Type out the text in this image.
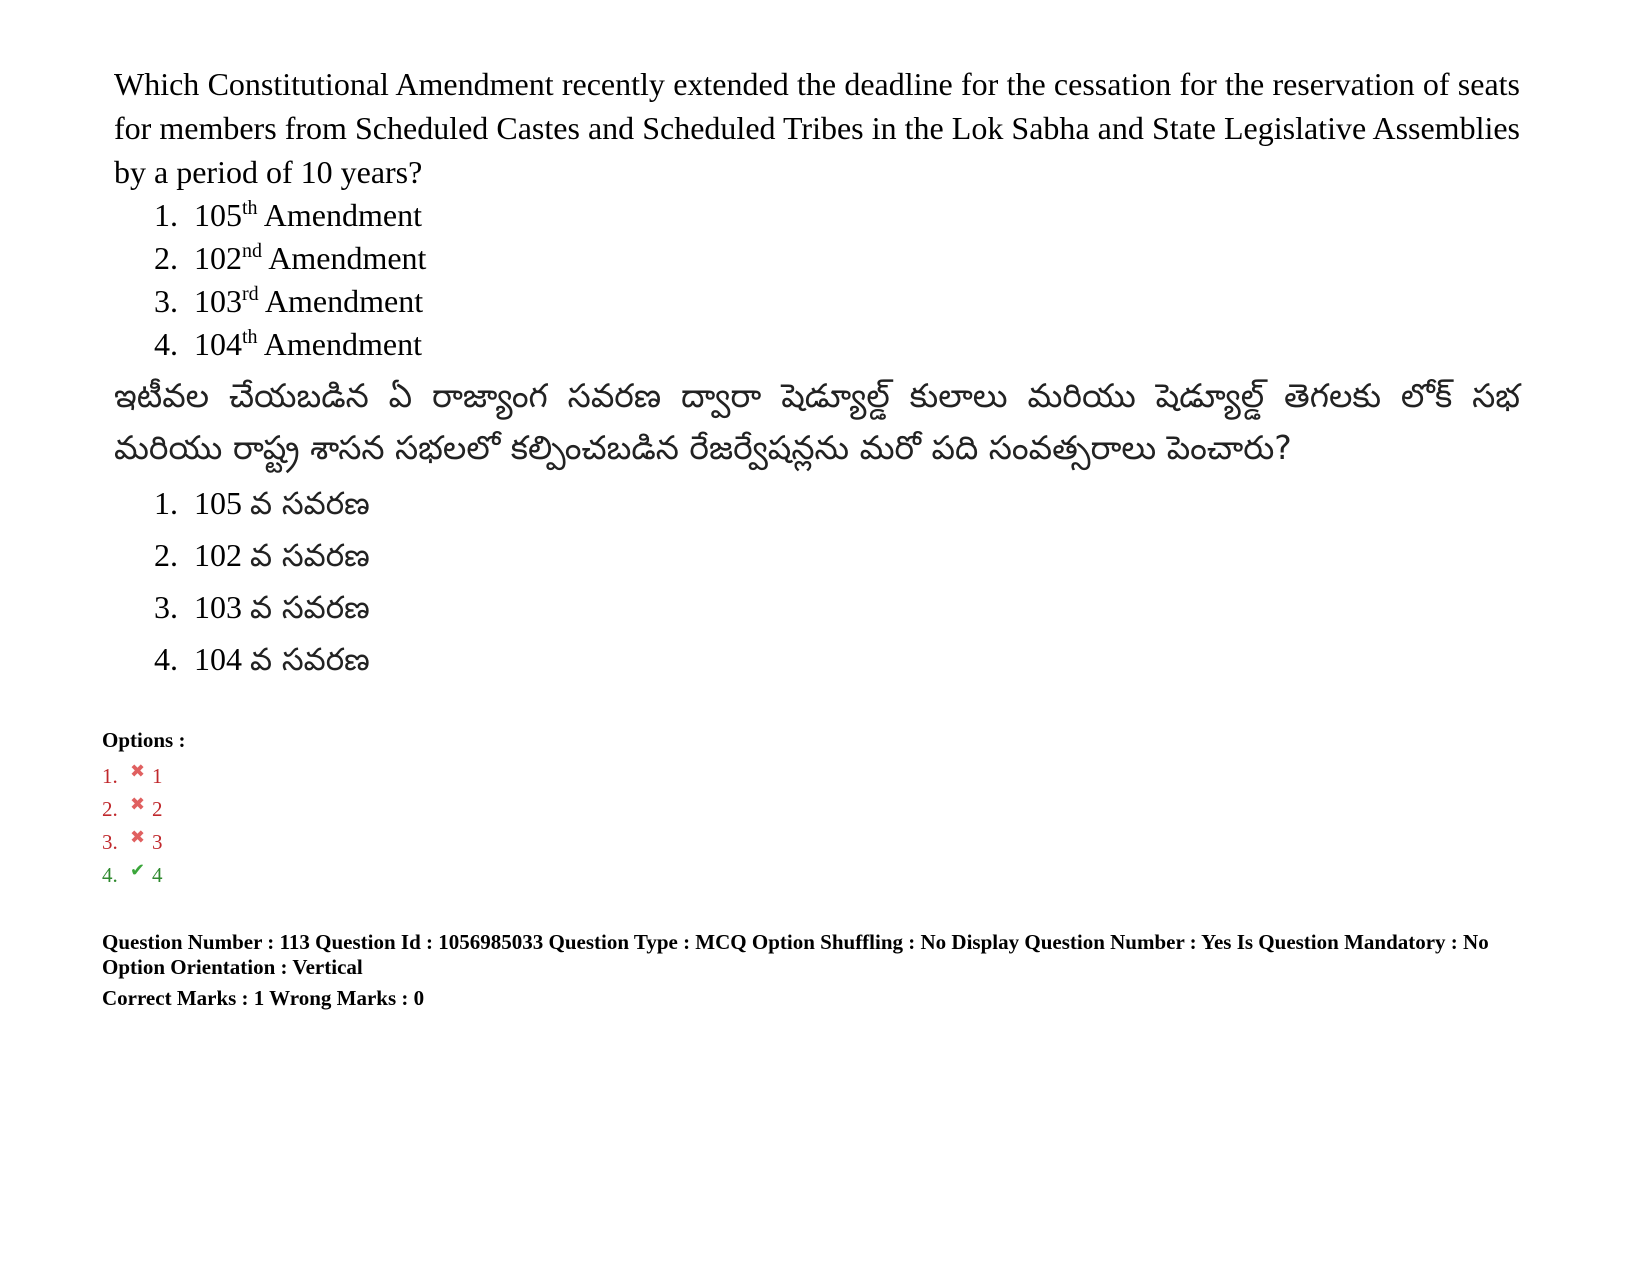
Which Constitutional Amendment recently extended the deadline for the cessation for the reservation of seats for members from Scheduled Castes and Scheduled Tribes in the Lok Sabha and State Legislative Assemblies by a period of 10 years?

1. 105th Amendment
2. 102nd Amendment
3. 103rd Amendment
4. 104th Amendment

ఇటీవల చేయబడిన ఏ రాజ్యాంగ సవరణ ద్వారా షెడ్యూల్డ్ కులాలు మరియు షెడ్యూల్డ్ తెగలకు లోక్ సభ మరియు రాష్ట్ర శాసన సభలలో కల్పించబడిన రేజర్వేషన్లను మరో పది సంవత్సరాలు పెంచారు?

1. 105 వ సవరణ
2. 102 వ సవరణ
3. 103 వ సవరణ
4. 104 వ సవరణ
Options :
1. ✖ 1
2. ✖ 2
3. ✖ 3
4. ✔ 4
Question Number : 113 Question Id : 1056985033 Question Type : MCQ Option Shuffling : No Display Question Number : Yes Is Question Mandatory : No Option Orientation : Vertical
Correct Marks : 1 Wrong Marks : 0
